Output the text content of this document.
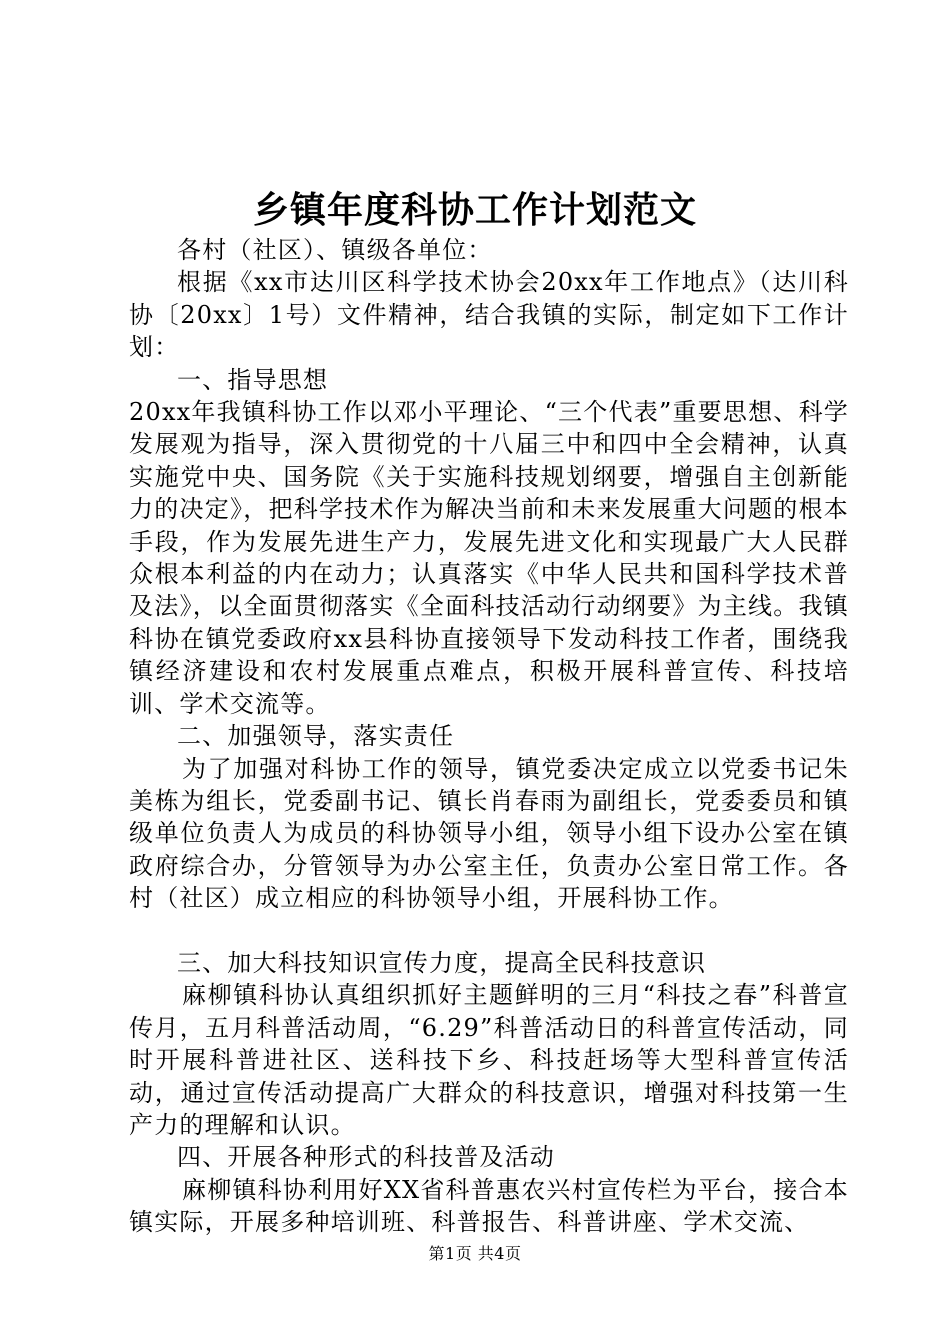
乡镇年度科协工作计划范文

各村（社区）、镇级各单位：

根据《xx市达川区科学技术协会20xx年工作地点》（达川科协〔20xx〕1号）文件精神，结合我镇的实际，制定如下工作计划：

一、指导思想

20xx年我镇科协工作以邓小平理论、“三个代表”重要思想、科学发展观为指导，深入贯彻党的十八届三中和四中全会精神，认真实施党中央、国务院《关于实施科技规划纲要，增强自主创新能力的决定》，把科学技术作为解决当前和未来发展重大问题的根本手段，作为发展先进生产力，发展先进文化和实现最广大人民群众根本利益的内在动力；认真落实《中华人民共和国科学技术普及法》，以全面贯彻落实《全面科技活动行动纲要》为主线。我镇科协在镇党委政府xx县科协直接领导下发动科技工作者，围绕我镇经济建设和农村发展重点难点，积极开展科普宣传、科技培训、学术交流等。

二、加强领导，落实责任

为了加强对科协工作的领导，镇党委决定成立以党委书记朱美栋为组长，党委副书记、镇长肖春雨为副组长，党委委员和镇级单位负责人为成员的科协领导小组，领导小组下设办公室在镇政府综合办，分管领导为办公室主任，负责办公室日常工作。各村（社区）成立相应的科协领导小组，开展科协工作。

三、加大科技知识宣传力度，提高全民科技意识

麻柳镇科协认真组织抓好主题鲜明的三月“科技之春”科普宣传月，五月科普活动周，“6.29”科普活动日的科普宣传活动，同时开展科普进社区、送科技下乡、科技赶场等大型科普宣传活动，通过宣传活动提高广大群众的科技意识，增强对科技第一生产力的理解和认识。

四、开展各种形式的科技普及活动

麻柳镇科协利用好XX省科普惠农兴村宣传栏为平台，接合本镇实际，开展多种培训班、科普报告、科普讲座、学术交流、

第1页 共4页
